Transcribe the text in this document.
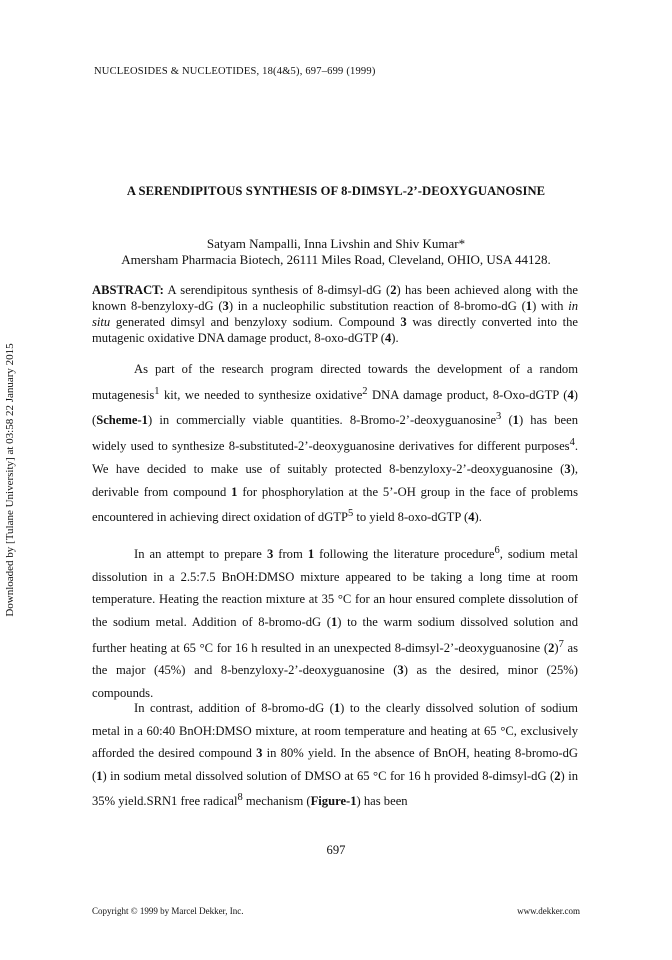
NUCLEOSIDES & NUCLEOTIDES, 18(4&5), 697–699 (1999)

Downloaded by [Tulane University] at 03:58 22 January 2015

A SERENDIPITOUS SYNTHESIS OF 8-DIMSYL-2’-DEOXYGUANOSINE

Satyam Nampalli, Inna Livshin and Shiv Kumar*

Amersham Pharmacia Biotech, 26111 Miles Road, Cleveland, OHIO, USA 44128.

ABSTRACT: A serendipitous synthesis of 8-dimsyl-dG (2) has been achieved along with the known 8-benzyloxy-dG (3) in a nucleophilic substitution reaction of 8-bromo-dG (1) with in situ generated dimsyl and benzyloxy sodium. Compound 3 was directly converted into the mutagenic oxidative DNA damage product, 8-oxo-dGTP (4).

As part of the research program directed towards the development of a random mutagenesis$^1$ kit, we needed to synthesize oxidative$^2$ DNA damage product, 8-Oxo-dGTP (4) (Scheme-1) in commercially viable quantities. 8-Bromo-2’-deoxyguanosine$^3$ (1) has been widely used to synthesize 8-substituted-2’-deoxyguanosine derivatives for different purposes$^4$. We have decided to make use of suitably protected 8-benzyloxy-2’-deoxyguanosine (3), derivable from compound 1 for phosphorylation at the 5’-OH group in the face of problems encountered in achieving direct oxidation of dGTP$^5$ to yield 8-oxo-dGTP (4).

In an attempt to prepare 3 from 1 following the literature procedure$^6$, sodium metal dissolution in a 2.5:7.5 BnOH:DMSO mixture appeared to be taking a long time at room temperature. Heating the reaction mixture at 35 °C for an hour ensured complete dissolution of the sodium metal. Addition of 8-bromo-dG (1) to the warm sodium dissolved solution and further heating at 65 °C for 16 h resulted in an unexpected 8-dimsyl-2’-deoxyguanosine $(2)^7$ as the major (45%) and 8-benzyloxy-2’-deoxyguanosine (3) as the desired, minor (25%) compounds.

In contrast, addition of 8-bromo-dG (1) to the clearly dissolved solution of sodium metal in a 60:40 BnOH:DMSO mixture, at room temperature and heating at 65 °C, exclusively afforded the desired compound 3 in 80% yield. In the absence of BnOH, heating 8-bromo-dG (1) in sodium metal dissolved solution of DMSO at 65 °C for 16 h provided 8-dimsyl-dG (2) in 35% yield.SRN1 free radical$^8$ mechanism (Figure-1) has been

697

Copyright © 1999 by Marcel Dekker, Inc.	www.dekker.com
